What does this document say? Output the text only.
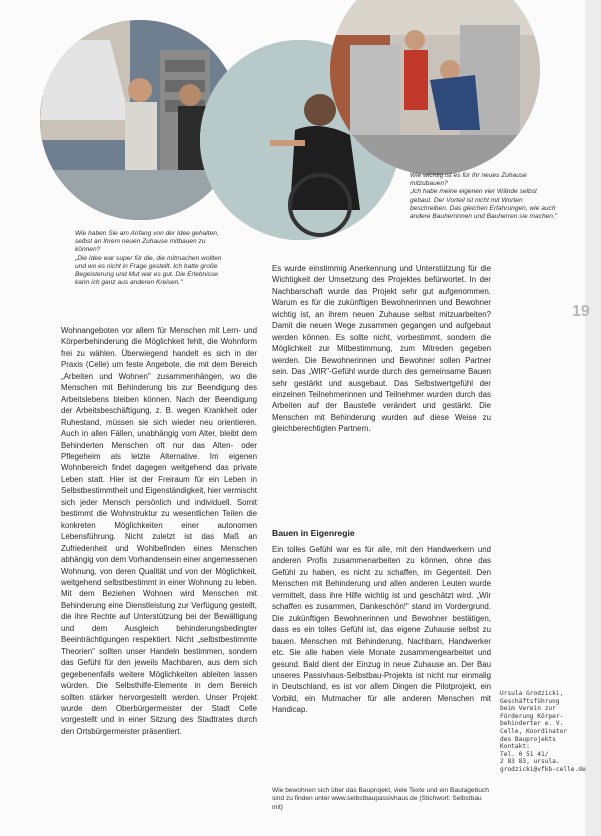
Wie haben Sie am Anfang von der Idee gehalten, selbst an Ihrem neuen Zuhause mitbauen zu können?
„Die Idee war super für die, die mitmachen wollten und wo es nicht in Frage gestellt. Ich hatte große Begeisterung und Mut war es gut. Die Erlebnisse kann ich ganz aus anderen Kreisen."
Wie wichtig ist es für Ihr neues Zuhause mitzubauen?
„Ich habe meine eigenen vier Wände selbst gebaut. Der Vorteil ist nicht mit Worten beschreiben. Das gleichen Erfahrungen, wie auch andere Bauherrinnen und Bauherren sie machen."
19

Wohnangeboten vor allem für Menschen mit Lern- und Körperbehinderung die Möglichkeit fehlt, die Wohnform frei zu wählen. Überwiegend handelt es sich in der Praxis (Celle) um feste Angebote, die mit dem Bereich „Arbeiten und Wohnen" zusammenhängen, wo die Menschen mit Behinderung bis zur Beendigung des Arbeitslebens bleiben können. Nach der Beendigung der Arbeitsbeschäftigung, z. B. wegen Krankheit oder Ruhestand, müssen sie sich wieder neu orientieren. Auch in allen Fällen, unabhängig vom Alter, bleibt dem Behinderten Menschen oft nur das Alten- oder Pflegeheim als letzte Alternative. Im eigenen Wohnbereich findet dagegen weitgehend das private Leben statt. Hier ist der Freiraum für ein Leben in Selbstbestimmtheit und Eigenständigkeit, hier vermischt sich jeder Mensch persönlich und individuell. Somit bestimmt die Wohnstruktur zu wesentlichen Teilen die konkreten Möglichkeiten einer autonomen Lebensführung. Nicht zuletzt ist das Maß an Zufriedenheit und Wohlbefinden eines Menschen abhängig von dem Vorhandensein einer angemessenen Wohnung, von deren Qualität und von der Möglichkeit, weitgehend selbstbestimmt in einer Wohnung zu leben. Mit dem Beziehen Wohnen wird Menschen mit Behinderung eine Dienstleistung zur Verfügung gestellt, die ihre Rechte auf Unterstützung bei der Bewältigung und dem Ausgleich behinderungsbedingter Beeinträchtigungen respektiert. Nicht „selbstbestimmte Theorien" sollten unser Handeln bestimmen, sondern das Gefühl für den jeweils Machbaren, aus dem sich gegebenenfalls weitere Möglichkeiten ableiten lassen würden. Die Selbsthilfe-Elemente in dem Bereich sollten stärker hervorgestellt werden. Unser Projekt wurde dem Oberbürgermeister der Stadt Celle vorgestellt und in einer Sitzung des Stadtrates durch den Ortsbürgermeister präsentiert.

Es wurde einstimmig Anerkennung und Unterstützung für die Wichtigkeit der Umsetzung des Projektes befürwortet. In der Nachbarschaft wurde das Projekt sehr gut aufgenommen. Warum es für die zukünftigen Bewohnerinnen und Bewohner wichtig ist, an ihrem neuen Zuhause selbst mitzuarbeiten? Damit die neuen Wege zusammen gegangen und aufgebaut werden können. Es sollte nicht, vorbestimmt, sondern die Möglichkeit zur Mitbestimmung, zum Mitreden gegeben werden. Die Bewohnerinnen und Bewohner sollen Partner sein. Das „WIR"-Gefühl wurde durch des gemeinsame Bauen sehr gestärkt und ausgebaut. Das Selbstwertgefühl der einzelnen Teilnehmerinnen und Teilnehmer wurden durch das Arbeiten auf der Baustelle verändert und gestärkt. Die Menschen mit Behinderung wurden auf diese Weise zu gleichberechtigten Partnern.

Bauen in Eigenregie

Ein tolles Gefühl war es für alle, mit den Handwerkern und anderen Profis zusammenarbeiten zu können, ohne das Gefühl zu haben, es nicht zu schaffen, im Gegenteil. Den Menschen mit Behinderung und allen anderen Leuten wurde vermittelt, dass ihre Hilfe wichtig ist und geschätzt wird. „Wir schaffen es zusammen, Dankeschön!" stand im Vordergrund. Die zukünftigen Bewohnerinnen und Bewohner bestätigen, dass es ein tolles Gefühl ist, das eigene Zuhause selbst zu bauen. Menschen mit Behinderung, Nachbarn, Handwerker etc. Sie alle haben viele Monate zusammengearbeitet und gesund. Bald dient der Einzug in neue Zuhause an. Der Bau unseres Passivhaus-Selbstbau-Projekts ist nicht nur einmalig in Deutschland, es ist vor allem Dingen die Pilotprojekt, ein Vorbild, ein Mutmacher für alle anderen Menschen mit Handicap.

Wie bewohnen sich über das Bauprojekt, viele Texte und ein Bautagebuch sind zu finden unter www.selbstbaupassivhaus.de (Stichwort: Selbstbau mit)
Ursula Grodzicki,
Geschäftsführung
beim Verein zur
Förderung Körper-
behinderter e. V.
Celle, Koordinator
des Bauprojekts
Kontakt:
Tel. 0 51 41/
2 83 83, ursula.
grodzicki@vfkb-celle.de
